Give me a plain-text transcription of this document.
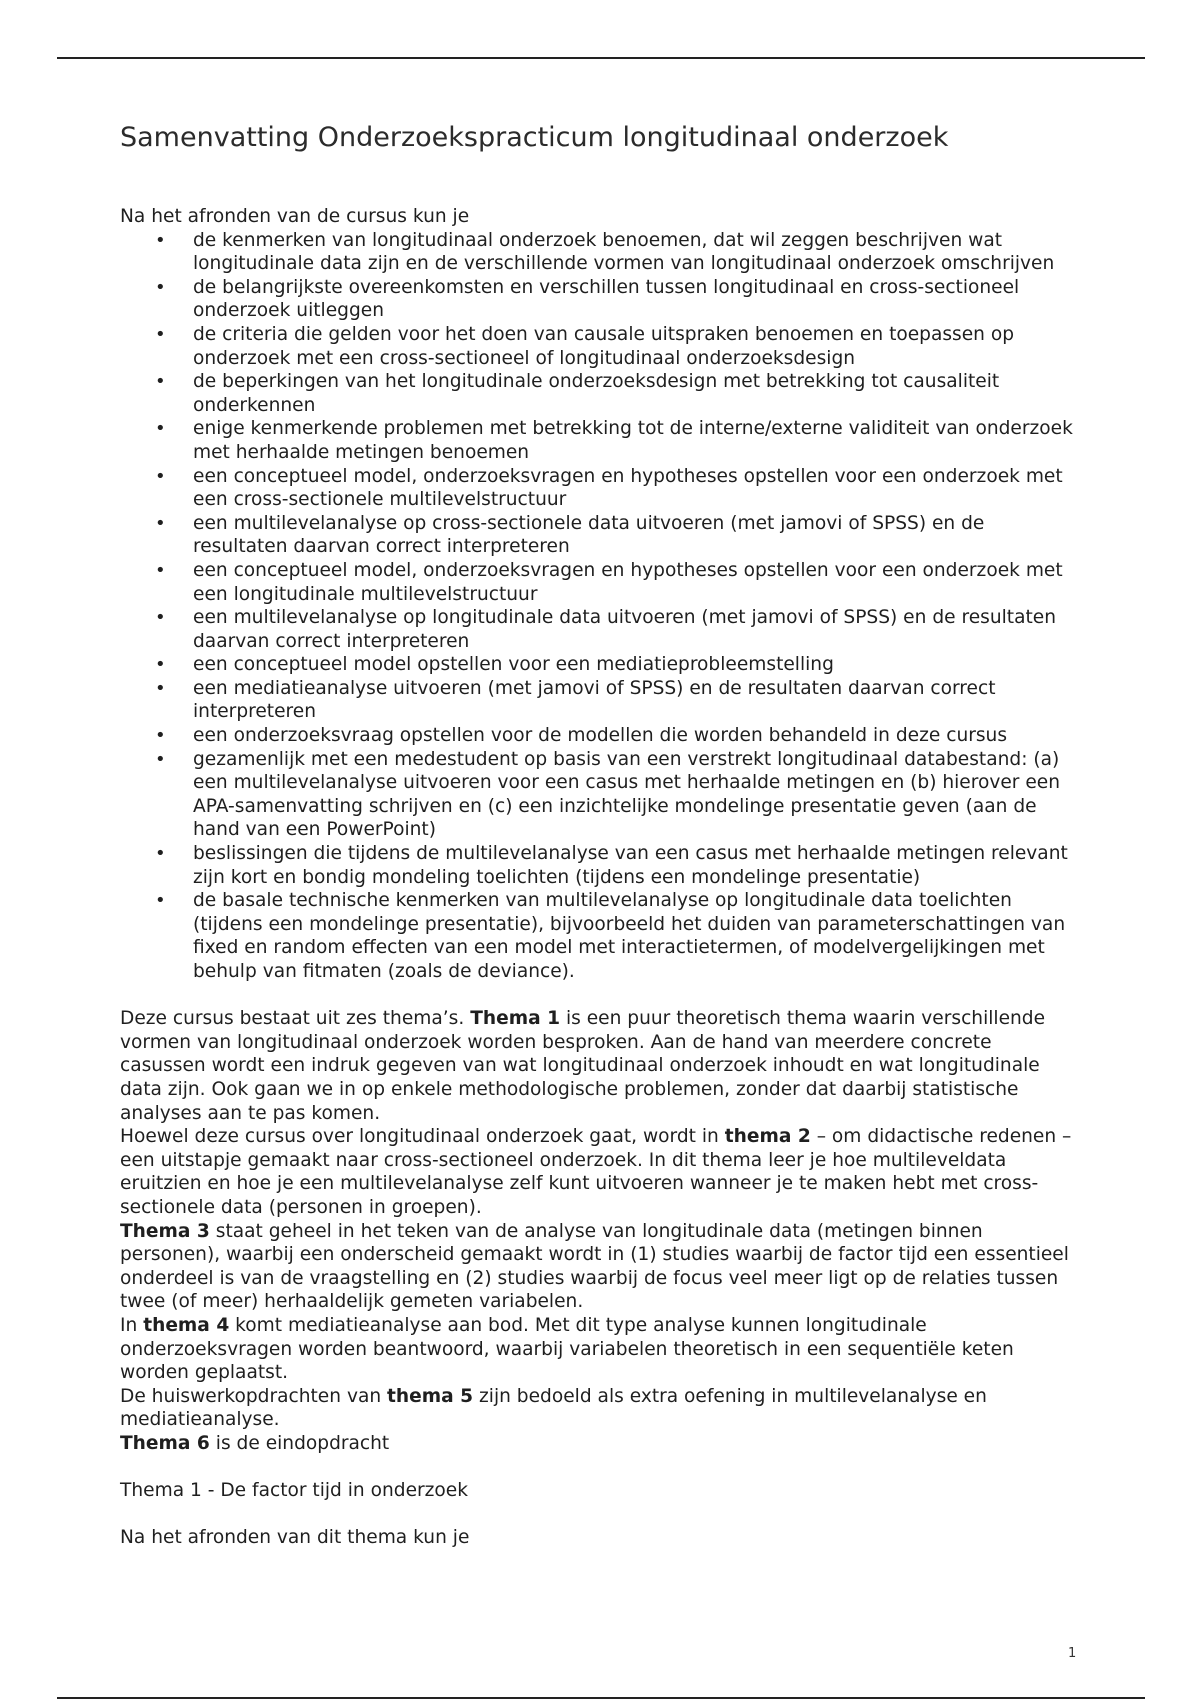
Samenvatting Onderzoekspracticum longitudinaal onderzoek

Na het afronden van de cursus kun je

• de kenmerken van longitudinaal onderzoek benoemen, dat wil zeggen beschrijven wat longitudinale data zijn en de verschillende vormen van longitudinaal onderzoek omschrijven
• de belangrijkste overeenkomsten en verschillen tussen longitudinaal en cross-sectioneel onderzoek uitleggen
• de criteria die gelden voor het doen van causale uitspraken benoemen en toepassen op onderzoek met een cross-sectioneel of longitudinaal onderzoeksdesign
• de beperkingen van het longitudinale onderzoeksdesign met betrekking tot causaliteit onderkennen
• enige kenmerkende problemen met betrekking tot de interne/externe validiteit van onderzoek met herhaalde metingen benoemen
• een conceptueel model, onderzoeksvragen en hypotheses opstellen voor een onderzoek met een cross-sectionele multilevelstructuur
• een multilevelanalyse op cross-sectionele data uitvoeren (met jamovi of SPSS) en de resultaten daarvan correct interpreteren
• een conceptueel model, onderzoeksvragen en hypotheses opstellen voor een onderzoek met een longitudinale multilevelstructuur
• een multilevelanalyse op longitudinale data uitvoeren (met jamovi of SPSS) en de resultaten daarvan correct interpreteren
• een conceptueel model opstellen voor een mediatieprobleemstelling
• een mediatieanalyse uitvoeren (met jamovi of SPSS) en de resultaten daarvan correct interpreteren
• een onderzoeksvraag opstellen voor de modellen die worden behandeld in deze cursus
• gezamenlijk met een medestudent op basis van een verstrekt longitudinaal databestand: (a) een multilevelanalyse uitvoeren voor een casus met herhaalde metingen en (b) hierover een APA-samenvatting schrijven en (c) een inzichtelijke mondelinge presentatie geven (aan de hand van een PowerPoint)
• beslissingen die tijdens de multilevelanalyse van een casus met herhaalde metingen relevant zijn kort en bondig mondeling toelichten (tijdens een mondelinge presentatie)
• de basale technische kenmerken van multilevelanalyse op longitudinale data toelichten (tijdens een mondelinge presentatie), bijvoorbeeld het duiden van parameterschattingen van fixed en random effecten van een model met interactietermen, of modelvergelijkingen met behulp van fitmaten (zoals de deviance).

Deze cursus bestaat uit zes thema’s. Thema 1 is een puur theoretisch thema waarin verschillende vormen van longitudinaal onderzoek worden besproken. Aan de hand van meerdere concrete casussen wordt een indruk gegeven van wat longitudinaal onderzoek inhoudt en wat longitudinale data zijn. Ook gaan we in op enkele methodologische problemen, zonder dat daarbij statistische analyses aan te pas komen.

Hoewel deze cursus over longitudinaal onderzoek gaat, wordt in thema 2 – om didactische redenen – een uitstapje gemaakt naar cross-sectioneel onderzoek. In dit thema leer je hoe multileveldata eruitzien en hoe je een multilevelanalyse zelf kunt uitvoeren wanneer je te maken hebt met cross-sectionele data (personen in groepen).

Thema 3 staat geheel in het teken van de analyse van longitudinale data (metingen binnen personen), waarbij een onderscheid gemaakt wordt in (1) studies waarbij de factor tijd een essentieel onderdeel is van de vraagstelling en (2) studies waarbij de focus veel meer ligt op de relaties tussen twee (of meer) herhaaldelijk gemeten variabelen.

In thema 4 komt mediatieanalyse aan bod. Met dit type analyse kunnen longitudinale onderzoeksvragen worden beantwoord, waarbij variabelen theoretisch in een sequentiële keten worden geplaatst.

De huiswerkopdrachten van thema 5 zijn bedoeld als extra oefening in multilevelanalyse en mediatieanalyse.

Thema 6 is de eindopdracht

Thema 1 - De factor tijd in onderzoek

Na het afronden van dit thema kun je

1
